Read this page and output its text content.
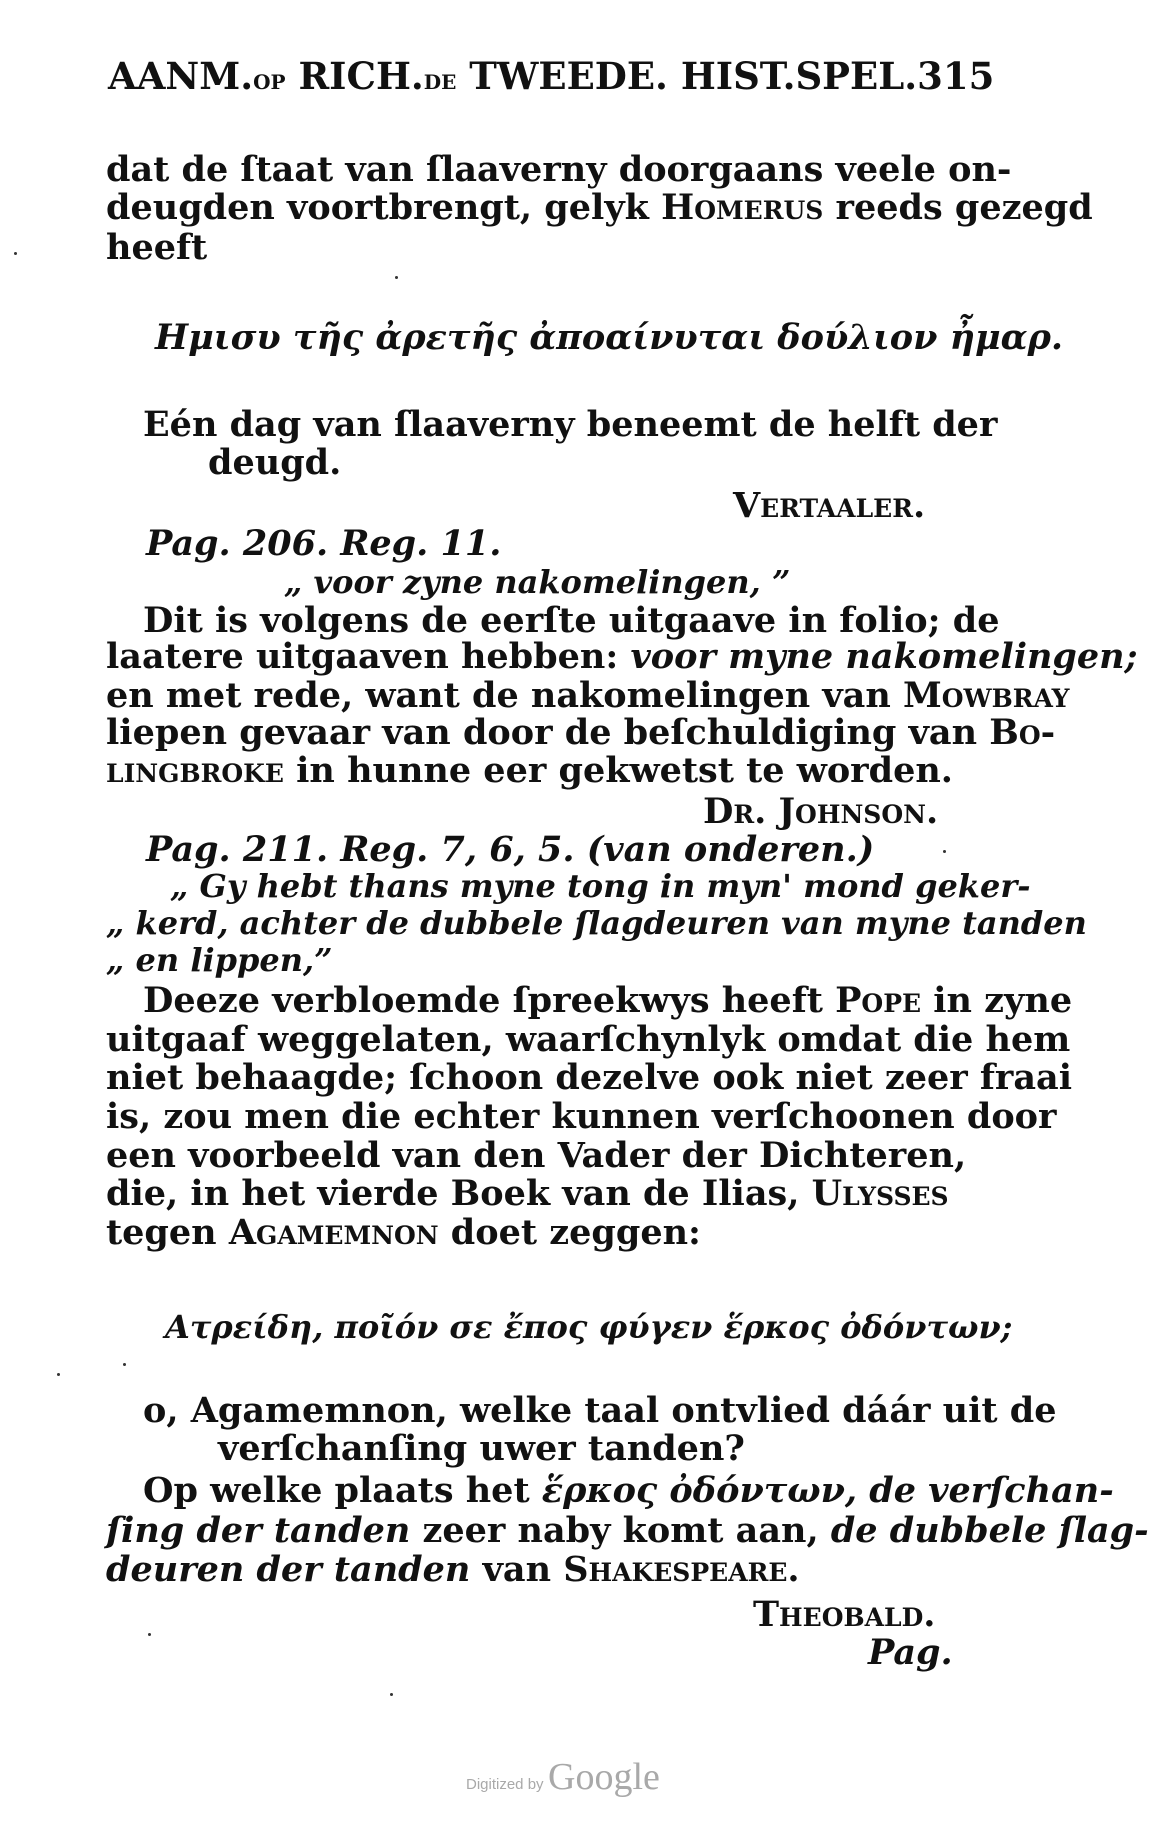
AANM.OP RICH.DE TWEEDE. HIST.SPEL.315
dat de ſtaat van ſlaaverny doorgaans veele on-
deugden voortbrengt, gelyk Homerus reeds gezegd
heeft
Ημισυ τῆς ἀρετῆς ἀποαίνυται δούλιον ἦμαρ.
Eén dag van ſlaaverny beneemt de helft der
deugd.
Vertaaler.
Pag. 206. Reg. 11.
„ voor zyne nakomelingen, ”
Dit is volgens de eerſte uitgaave in folio; de
laatere uitgaaven hebben: voor myne nakomelingen;
en met rede, want de nakomelingen van Mowbray
liepen gevaar van door de beſchuldiging van Bo-
lingbroke in hunne eer gekwetst te worden.
Dr. Johnson.
Pag. 211. Reg. 7, 6, 5. (van onderen.)
„ Gy hebt thans myne tong in myn' mond geker-
„ kerd, achter de dubbele ſlagdeuren van myne tanden
„ en lippen,”
Deeze verbloemde ſpreekwys heeft Pope in zyne
uitgaaf weggelaten, waarſchynlyk omdat die hem
niet behaagde; ſchoon dezelve ook niet zeer fraai
is, zou men die echter kunnen verſchoonen door
een voorbeeld van den Vader der Dichteren,
die, in het vierde Boek van de Ilias, Ulysses
tegen Agamemnon doet zeggen:
Ατρείδη, ποῖόν σε ἔπος φύγεν ἕρκος ὀδόντων;
o, Agamemnon, welke taal ontvlied dáár uit de
verſchanſing uwer tanden?
Op welke plaats het ἕρκος ὀδόντων, de verſchan-
ſing der tanden zeer naby komt aan, de dubbele ſlag-
deuren der tanden van Shakespeare.
Theobald.
Pag.
Digitized by Google
